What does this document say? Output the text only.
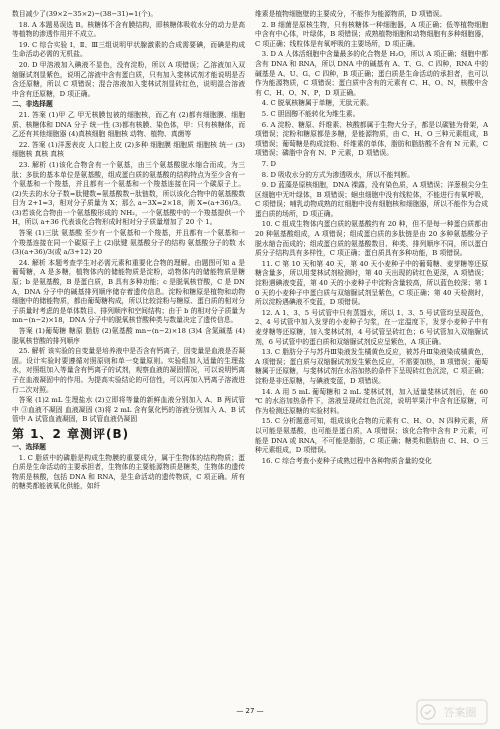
数目减少了(39×2−35×2)−(38−31)=1(个)。

18. A 本题易误选 B。核糖体不含有膜结构，即核糖体吸收水分的动力是高等植物的渗透作用并不成立。

19. C 综合实验 Ⅰ、Ⅱ、Ⅲ三组说明甲状腺激素的合成需要碘，而碘是构成生命活动必需的无机盐。

20. D 甲溶液加入碘液不显色，没有淀粉，所以 A 项错误；乙溶液加入双缩脲试剂显紫色，说明乙溶液中含有蛋白质，只有加入斐林试剂才能说明是否含还原糖，所以 C 项错误；混合溶液加入斐林试剂显砖红色，说明混合溶液中含有还原糖，D 项正确。

二、非选择题

21. 答案 (1)甲 乙 甲无核膜包被的细胞核，而乙有 (2)都有细胞膜、细胞质、核糖体和 DNA 分子 统一性 (3)都有核膜、染色体，甲：只有核糖体，而乙还有其他细胞器 (4)真核细胞 细胞核 动物、植物、真菌等

22. 答案 (1)洋葱表皮 人口腔上皮 (2)多种 细胞膜 细胞质 细胞核 统一 (3)细胞核 真核 真核

23. 解析 (1)该化合物含有一个氨基，由三个氨基酸脱水缩合而成，为三肽；多肽的基本单位是氨基酸，组成蛋白质的氨基酸的结构特点为至少含有一个氨基和一个羧基，并且都有一个氨基和一个羧基连接在同一个碳原子上。(2)失去的水分子数=肽键数=氨基酸数−肽链数，所以该化合物中的氨基酸数目为 2+1=3，相对分子质量为 X；那么 a−3X=2×18，则 X=(a+36)/3。(3)若该化合物由一个氨基酸形成的 NH₂，一个氨基酸中的一个羧基提供一个 H，所以 a+36 代表该化合物形成时相对分子质量增加了 20 个 1。

答案 (1)三肽 氨基酸 至少有一个氨基和一个羧基，并且都有一个氨基和一个羧基连接在同一个碳原子上 (2)肽键 氨基酸分子的结构 氨基酸分子的数 水 (3)(a+36)/3(或 a/3+12) 20

24. 解析 本题考查学生对必需元素和重要化合物的理解。由题图可知 a 是葡萄糖，A 是多糖，植物体内的储能物质是淀粉，动物体内的储能物质是糖原；b 是氨基酸，B 是蛋白质，B 具有多种功能；c 是脱氧核苷酸，C 是 DNA，DNA 分子中的碱基排列顺序储存着遗传信息。淀粉和糖原是植物和动物细胞中的储能物质，都由葡萄糖构成，所以比较淀粉与糖原、蛋白质的相对分子质量时考虑的是单体数目、排列顺序和空间结构；由于 b 的相对分子质量为 mn−(n−2)×18，DNA 分子中的脱氧核苷酸种类与数量决定了遗传信息。

答案 (1)葡萄糖 糖原 脂肪 (2)氨基酸 mn−(n−2)×18 (3)4 含氮碱基 (4)脱氧核苷酸的排列顺序

25. 解析 该实验的自变量是培养液中是否含有钙离子，因变量是血液是否凝固。设计实验时要遵循对照原则和单一变量原则。实验组加入适量的生理盐水，对照组加入等量含有钙离子的试剂，观察血液的凝固情况，可以说明钙离子在血液凝固中的作用。为提高实验结论的可信性，可以再加入钙离子溶液进行二次对照。

答案 (1)2 mL 生理盐水 (2)立即将等量的新鲜血液分别加入 A、B 两试管中 ③血液不凝固 血液凝固 (3)将 2 mL 含有氯化钙的溶液分别加入 A、B 试管中 A 试管血液凝固，B 试管血液仍凝固

第 1、2 章测评(B)

一、选择题

1. C 脂质中的磷脂是构成生物膜的重要成分，属于生物体的结构物质；蛋白质是生命活动的主要承担者，生物体的主要能源物质是糖类，生物体的遗传物质是核酸，包括 DNA 和 RNA，是生命活动的遗传物质，C 项正确。所有的糖类都能被氧化供能，如纤

维素是植物细胞壁的主要成分，不能作为能源物质，D 项错误。

2. B 细菌是原核生物，只有核糖体一种细胞器，A 项正确；低等植物细胞中含有中心体，叶绿体，B 项错误；成熟植物细胞和动物细胞有多种细胞器，C 项正确；线粒体是有氧呼吸的主要场所，D 项正确。

3. D A 人体活细胞中含量最多的化合物是 H₂O，所以 A 项正确；细胞中都含有 DNA 和 RNA，所以 DNA 中的碱基有 A、T、G、C 四种，RNA 中的碱基是 A、U、G、C 四种，B 项正确；蛋白质是生命活动的承担者，也可以作为能源物质，C 项错误；蛋白质中含有的元素有 C、H、O、N，核酸中含有 C、H、O、N、P，D 项正确。

4. C 脱氧核糖属于单糖，无肽元素。

5. C 胆固醇不能转化为维生素。

6. A 淀粉、糖原、纤维素、核酸都属于生物大分子，都是以碳链为骨架，A 项错误；淀粉和糖原都是多糖，是能源物质，由 C、H、O 三种元素组成，B 项错误；葡萄糖是构成淀粉、纤维素的单体，脂肪和脂肪酸不含有 N 元素，C 项错误；磷脂中含有 N、P 元素，D 项错误。

7. D

8. D 吸收水分的方式为渗透吸水，所以不能判断。

9. D 蓝藻是原核细胞，DNA 裸露，没有染色质，A 项错误；洋葱根尖分生区细胞中无叶绿体，B 项错误；蛔虫细胞中没有线粒体，不能进行有氧呼吸，C 项错误；哺乳动物成熟的红细胞中没有细胞核和细胞器，所以不能作为合成蛋白质的场所，D 项正确。

10. C 组成生物体内蛋白质的氨基酸约有 20 种，但不是每一种蛋白质都由 20 种氨基酸组成，A 项错误；组成蛋白质的多肽链是由 20 多种氨基酸分子脱水缩合而成的；组成蛋白质的氨基酸数目、种类、排列顺序不同，所以蛋白质分子结构具有多样性，C 项正确；蛋白质具有多种功能，B 项错误。

11. C 第 10 天和第 40 天，第 40 天小麦种子中的葡萄糖、麦芽糖等还原糖含量多，所以用斐林试剂检测时，第 40 天出现的砖红色更深，A 项错误；淀粉遇碘液变蓝，第 40 天的小麦种子中淀粉含量较高，所以蓝色较深；第 10 天的小麦种子中蛋白质与双缩脲试剂呈紫色，C 项正确；第 40 天检测时，所以淀粉遇碘液不变蓝，D 项错误。

12. A 1、3、5 号试管中只有蒸馏水，所以 1、3、5 号试管均呈现蓝色，2、4 号试管中加入发芽的小麦种子匀浆，在一定温度下，发芽小麦种子中有麦芽糖等还原糖，加入斐林试剂，4 号试管呈砖红色；6 号试管加入双缩脲试剂，6 号试管中的蛋白质和双缩脲试剂反应呈紫色，A 项正确。

13. C 脂肪分子与苏丹Ⅲ染液发生橘黄色反应，被苏丹Ⅲ染液染成橘黄色，A 项错误；蛋白质与双缩脲试剂发生紫色反应，不需要加热，B 项错误；葡萄糖属于还原糖，与斐林试剂在水浴加热的条件下呈现砖红色沉淀，C 项正确；淀粉是非还原糖，与碘液变蓝，D 项错误。

14. A 用 5 mL 葡萄糖和 2 mL 斐林试剂，加入适量斐林试剂后，在 60 ℃ 的水浴加热条件下，溶液呈现砖红色沉淀，说明苹果汁中含有还原糖，可作为检测还原糖的实验材料。

15. C 分析题意可知，组成该化合物的元素有 C、H、O、N 四种元素，所以可能是氨基酸，也可能是蛋白质，A 项错误；该化合物中含有 P 元素，可能是 DNA 或 RNA，不可能是脂肪，C 项正确；糖类和脂肪由 C、H、O 三种元素组成，D 项错误。

16. C 综合考查小麦种子成熟过程中各种物质含量的变化

— 27 —	答案圈
